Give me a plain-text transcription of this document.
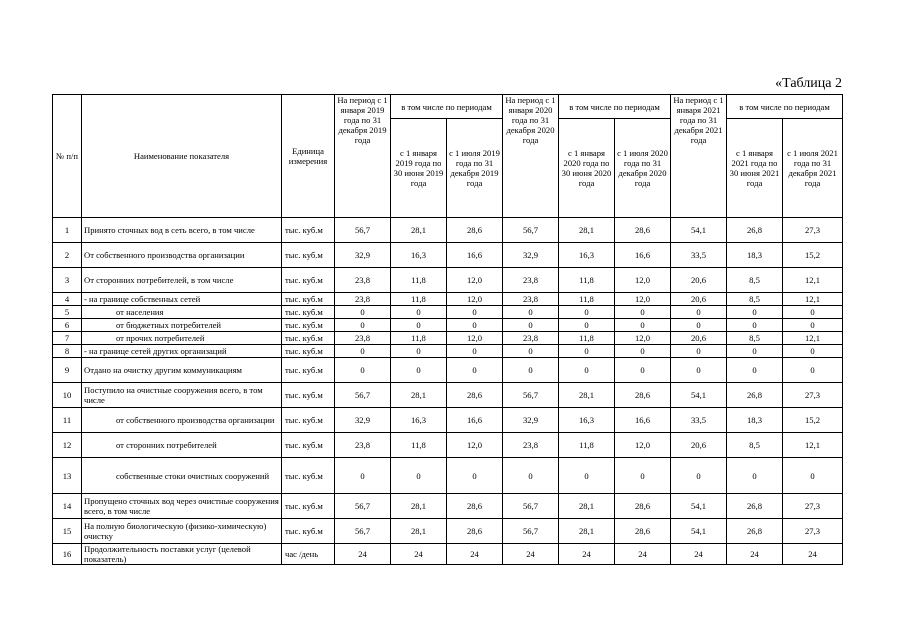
«Таблица 2
№ п/п	Наименование показателя	Единица измерения	На период с 1 января 2019 года по 31 декабря 2019 года	в том числе по периодам		На период с 1 января 2020 года по 31 декабря 2020 года	в том числе по периодам		На период с 1 января 2021 года по 31 декабря 2021 года	в том числе по периодам	
				с 1 января 2019 года по 30 июня 2019 года	с 1 июля 2019 года по 31 декабря 2019 года		с 1 января 2020 года по 30 июня 2020 года	с 1 июля 2020 года по 31 декабря 2020 года		с 1 января 2021 года по 30 июня 2021 года	с 1 июля 2021 года по 31 декабря 2021 года
1	Принято сточных вод в сеть всего, в том числе	тыс. куб.м	56,7	28,1	28,6	56,7	28,1	28,6	54,1	26,8	27,3
2	От собственного производства организации	тыс. куб.м	32,9	16,3	16,6	32,9	16,3	16,6	33,5	18,3	15,2
3	От сторонних потребителей, в том числе	тыс. куб.м	23,8	11,8	12,0	23,8	11,8	12,0	20,6	8,5	12,1
4	- на границе собственных сетей	тыс. куб.м	23,8	11,8	12,0	23,8	11,8	12,0	20,6	8,5	12,1
5	от населения	тыс. куб.м	0	0	0	0	0	0	0	0	0
6	от бюджетных потребителей	тыс. куб.м	0	0	0	0	0	0	0	0	0
7	от прочих потребителей	тыс. куб.м	23,8	11,8	12,0	23,8	11,8	12,0	20,6	8,5	12,1
8	- на границе сетей других организаций	тыс. куб.м	0	0	0	0	0	0	0	0	0
9	Отдано на очистку другим коммуникациям	тыс. куб.м	0	0	0	0	0	0	0	0	0
10	Поступило на очистные сооружения всего, в том числе	тыс. куб.м	56,7	28,1	28,6	56,7	28,1	28,6	54,1	26,8	27,3
11	от собственного производства организации	тыс. куб.м	32,9	16,3	16,6	32,9	16,3	16,6	33,5	18,3	15,2
12	от сторонних потребителей	тыс. куб.м	23,8	11,8	12,0	23,8	11,8	12,0	20,6	8,5	12,1
13	собственные стоки очистных сооружений	тыс. куб.м	0	0	0	0	0	0	0	0	0
14	Пропущено сточных вод через очистные сооружения всего, в том числе	тыс. куб.м	56,7	28,1	28,6	56,7	28,1	28,6	54,1	26,8	27,3
15	На полную биологическую (физико-химическую) очистку	тыс. куб.м	56,7	28,1	28,6	56,7	28,1	28,6	54,1	26,8	27,3
16	Продолжительность поставки услуг (целевой показатель)	час /день	24	24	24	24	24	24	24	24	24
